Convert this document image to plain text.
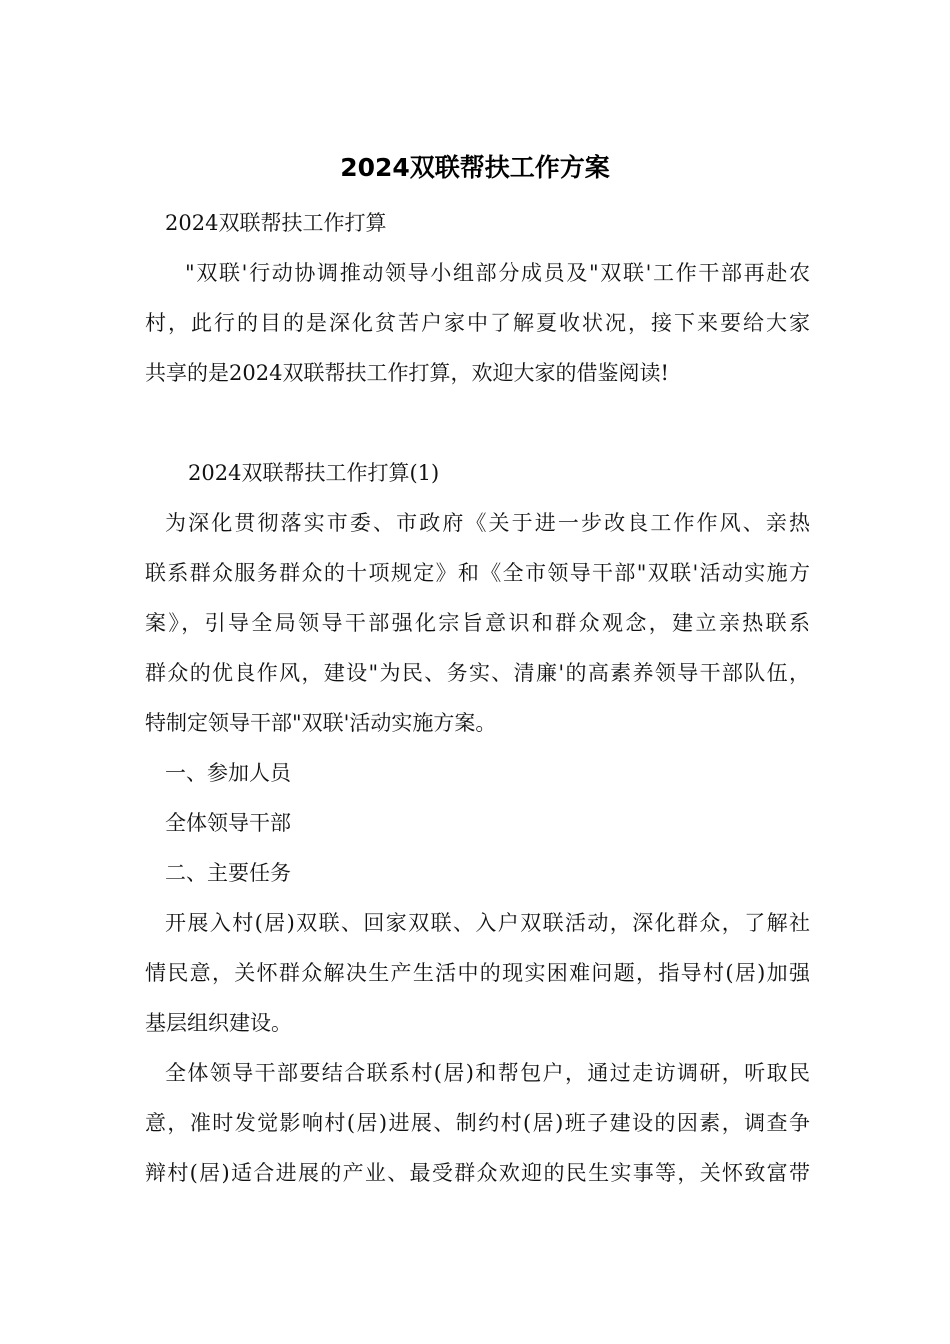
2024双联帮扶工作方案
2024双联帮扶工作打算
"双联'行动协调推动领导小组部分成员及"双联'工作干部再赴农
村，此行的目的是深化贫苦户家中了解夏收状况，接下来要给大家
共享的是2024双联帮扶工作打算，欢迎大家的借鉴阅读!
2024双联帮扶工作打算(1)
为深化贯彻落实市委、市政府《关于进一步改良工作作风、亲热
联系群众服务群众的十项规定》和《全市领导干部"双联'活动实施方
案》，引导全局领导干部强化宗旨意识和群众观念，建立亲热联系
群众的优良作风，建设"为民、务实、清廉'的高素养领导干部队伍，
特制定领导干部"双联'活动实施方案。
一、参加人员
全体领导干部
二、主要任务
开展入村(居)双联、回家双联、入户双联活动，深化群众，了解社
情民意，关怀群众解决生产生活中的现实困难问题，指导村(居)加强
基层组织建设。
全体领导干部要结合联系村(居)和帮包户，通过走访调研，听取民
意，准时发觉影响村(居)进展、制约村(居)班子建设的因素，调查争
辩村(居)适合进展的产业、最受群众欢迎的民生实事等，关怀致富带
